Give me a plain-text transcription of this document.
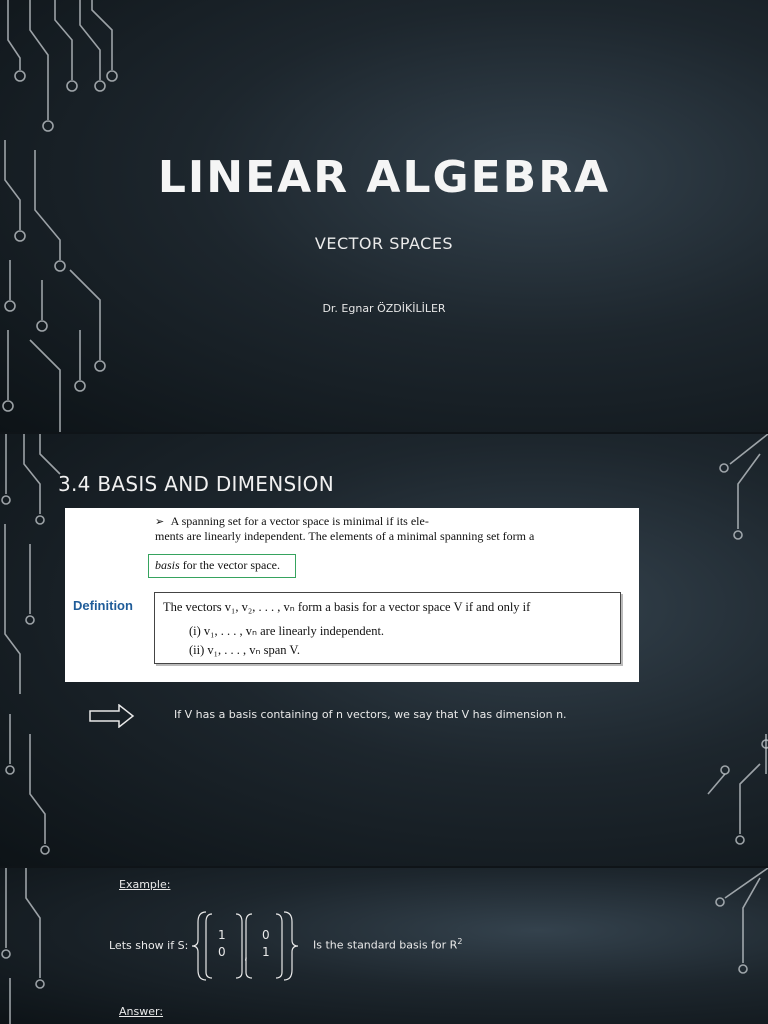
LINEAR ALGEBRA
VECTOR SPACES
Dr. Egnar ÖZDİKİLİLER
3.4 BASIS AND DIMENSION
➢ A spanning set for a vector space is minimal if its ele-
ments are linearly independent. The elements of a minimal spanning set form a
basis for the vector space.
Definition The vectors v₁, v₂, . . . , vₙ form a basis for a vector space V if and only if
(i) v₁, . . . , vₙ are linearly independent.
(ii) v₁, . . . , vₙ span V.
If V has a basis containing of n vectors, we say that V has dimension n.
Example:
Lets show if S:
1
0 ,
0
1	Is the standard basis for $R^2$
Answer:
